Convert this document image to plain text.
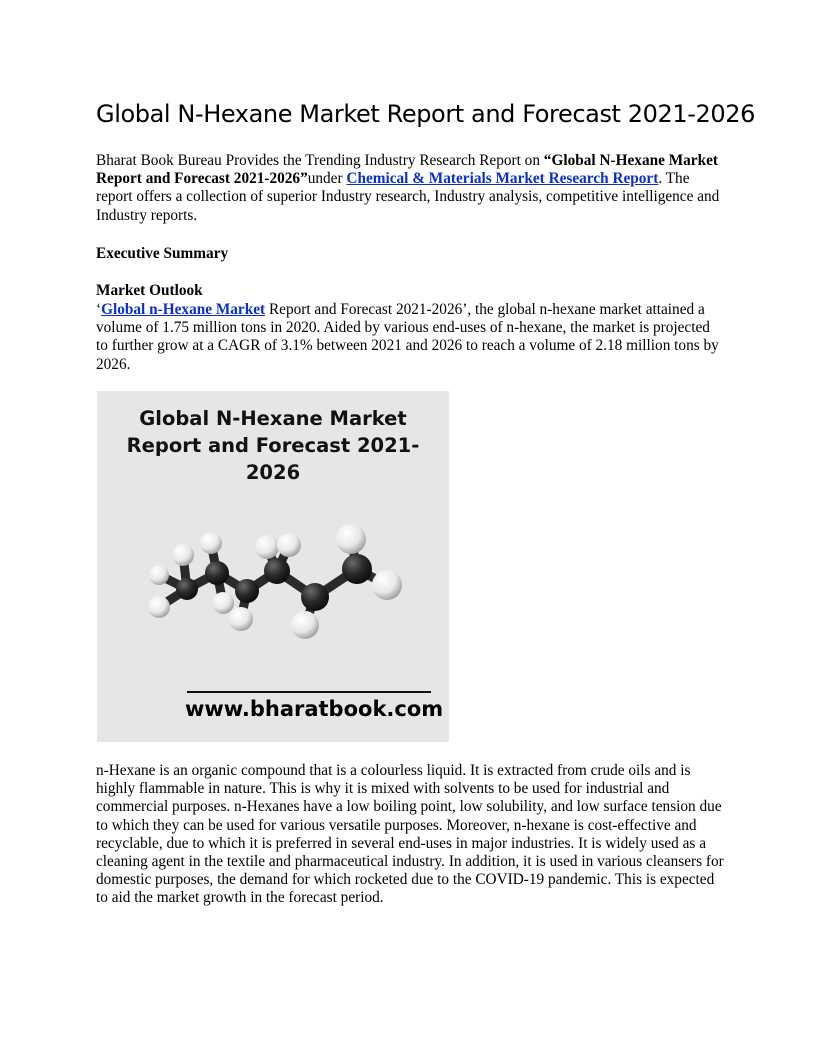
Global N-Hexane Market Report and Forecast 2021-2026

Bharat Book Bureau Provides the Trending Industry Research Report on “Global N-Hexane Market Report and Forecast 2021-2026”under Chemical & Materials Market Research Report. The report offers a collection of superior Industry research, Industry analysis, competitive intelligence and Industry reports.

Executive Summary

Market Outlook

‘Global n-Hexane Market Report and Forecast 2021-2026’, the global n-hexane market attained a volume of 1.75 million tons in 2020. Aided by various end-uses of n-hexane, the market is projected to further grow at a CAGR of 3.1% between 2021 and 2026 to reach a volume of 2.18 million tons by 2026.

Global N-Hexane Market
Report and Forecast 2021-
2026
www.bharatbook.com

n-Hexane is an organic compound that is a colourless liquid. It is extracted from crude oils and is highly flammable in nature. This is why it is mixed with solvents to be used for industrial and commercial purposes. n-Hexanes have a low boiling point, low solubility, and low surface tension due to which they can be used for various versatile purposes. Moreover, n-hexane is cost-effective and recyclable, due to which it is preferred in several end-uses in major industries. It is widely used as a cleaning agent in the textile and pharmaceutical industry. In addition, it is used in various cleansers for domestic purposes, the demand for which rocketed due to the COVID-19 pandemic. This is expected to aid the market growth in the forecast period.
